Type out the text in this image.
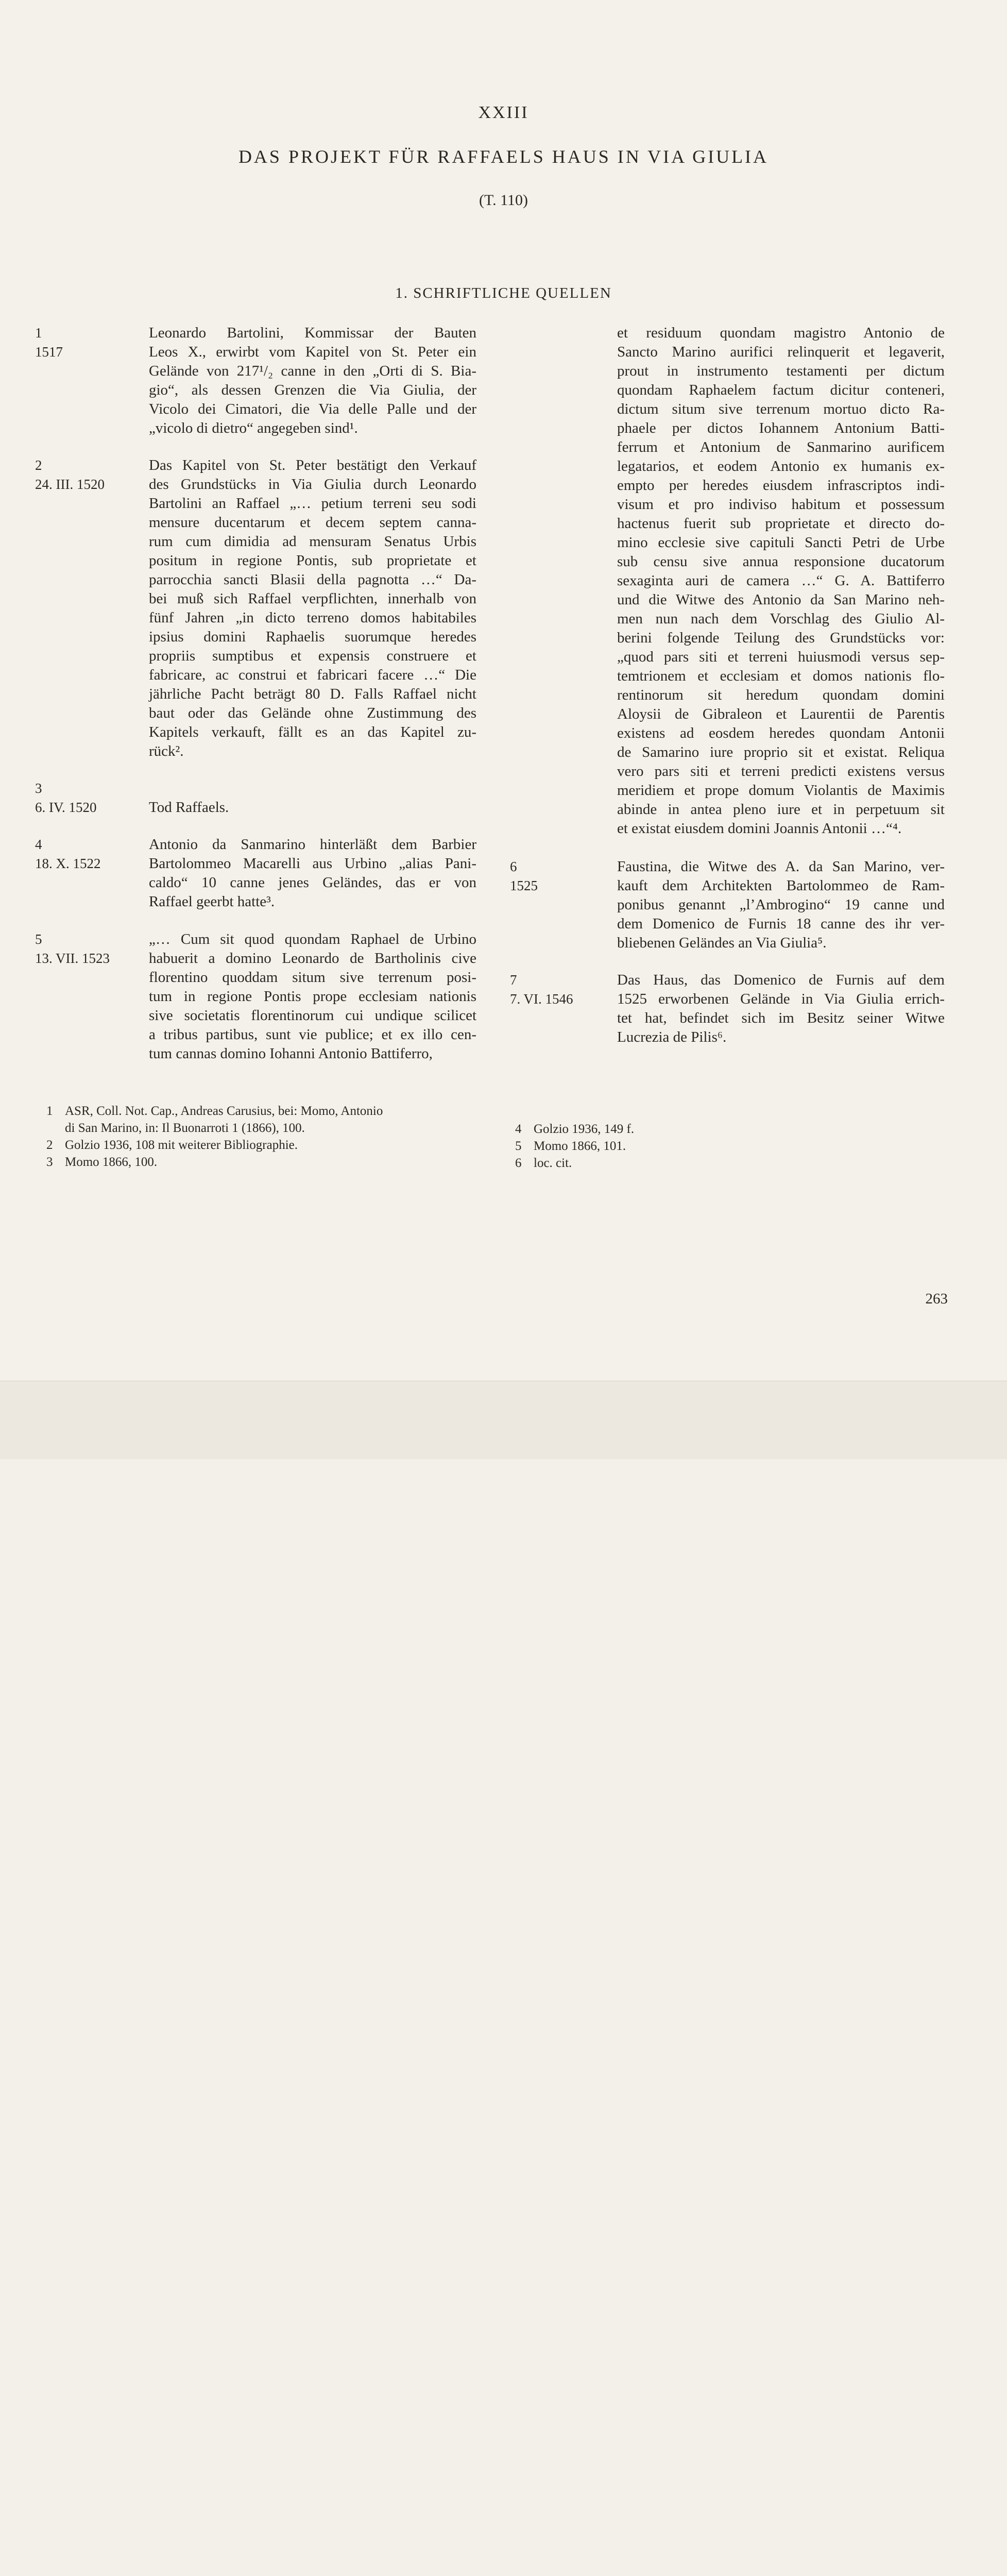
XXIII
DAS PROJEKT FÜR RAFFAELS HAUS IN VIA GIULIA
(T. 110)
1. SCHRIFTLICHE QUELLEN
1
1517
Leonardo Bartolini, Kommissar der Bauten
Leos X., erwirbt vom Kapitel von St. Peter ein
Gelände von 217¹/₂ canne in den „Orti di S. Bia-
gio“, als dessen Grenzen die Via Giulia, der
Vicolo dei Cimatori, die Via delle Palle und der
„vicolo di dietro“ angegeben sind¹.
2
24. III. 1520
Das Kapitel von St. Peter bestätigt den Verkauf
des Grundstücks in Via Giulia durch Leonardo
Bartolini an Raffael „… petium terreni seu sodi
mensure ducentarum et decem septem canna-
rum cum dimidia ad mensuram Senatus Urbis
positum in regione Pontis, sub proprietate et
parrocchia sancti Blasii della pagnotta …“ Da-
bei muß sich Raffael verpflichten, innerhalb von
fünf Jahren „in dicto terreno domos habitabiles
ipsius domini Raphaelis suorumque heredes
propriis sumptibus et expensis construere et
fabricare, ac construi et fabricari facere …“ Die
jährliche Pacht beträgt 80 D. Falls Raffael nicht
baut oder das Gelände ohne Zustimmung des
Kapitels verkauft, fällt es an das Kapitel zu-
rück².
3
6. IV. 1520	Tod Raffaels.
4
18. X. 1522
Antonio da Sanmarino hinterläßt dem Barbier
Bartolommeo Macarelli aus Urbino „alias Pani-
caldo“ 10 canne jenes Geländes, das er von
Raffael geerbt hatte³.
5
13. VII. 1523
„… Cum sit quod quondam Raphael de Urbino
habuerit a domino Leonardo de Bartholinis cive
florentino quoddam situm sive terrenum posi-
tum in regione Pontis prope ecclesiam nationis
sive societatis florentinorum cui undique scilicet
a tribus partibus, sunt vie publice; et ex illo cen-
tum cannas domino Iohanni Antonio Battiferro,
et residuum quondam magistro Antonio de
Sancto Marino aurifici relinquerit et legaverit,
prout in instrumento testamenti per dictum
quondam Raphaelem factum dicitur conteneri,
dictum situm sive terrenum mortuo dicto Ra-
phaele per dictos Iohannem Antonium Batti-
ferrum et Antonium de Sanmarino aurificem
legatarios, et eodem Antonio ex humanis ex-
empto per heredes eiusdem infrascriptos indi-
visum et pro indiviso habitum et possessum
hactenus fuerit sub proprietate et directo do-
mino ecclesie sive capituli Sancti Petri de Urbe
sub censu sive annua responsione ducatorum
sexaginta auri de camera …“ G. A. Battiferro
und die Witwe des Antonio da San Marino neh-
men nun nach dem Vorschlag des Giulio Al-
berini folgende Teilung des Grundstücks vor:
„quod pars siti et terreni huiusmodi versus sep-
temtrionem et ecclesiam et domos nationis flo-
rentinorum sit heredum quondam domini
Aloysii de Gibraleon et Laurentii de Parentis
existens ad eosdem heredes quondam Antonii
de Samarino iure proprio sit et existat. Reliqua
vero pars siti et terreni predicti existens versus
meridiem et prope domum Violantis de Maximis
abinde in antea pleno iure et in perpetuum sit
et existat eiusdem domini Joannis Antonii …“⁴.
6
1525
Faustina, die Witwe des A. da San Marino, ver-
kauft dem Architekten Bartolommeo de Ram-
ponibus genannt „l’Ambrogino“ 19 canne und
dem Domenico de Furnis 18 canne des ihr ver-
bliebenen Geländes an Via Giulia⁵.
7
7. VI. 1546
Das Haus, das Domenico de Furnis auf dem
1525 erworbenen Gelände in Via Giulia errich-
tet hat, befindet sich im Besitz seiner Witwe
Lucrezia de Pilis⁶.
1 ASR, Coll. Not. Cap., Andreas Carusius, bei: Momo, Antonio
di San Marino, in: Il Buonarroti 1 (1866), 100.
2 Golzio 1936, 108 mit weiterer Bibliographie.
3 Momo 1866, 100.
4 Golzio 1936, 149 f.
5 Momo 1866, 101.
6 loc. cit.
263
